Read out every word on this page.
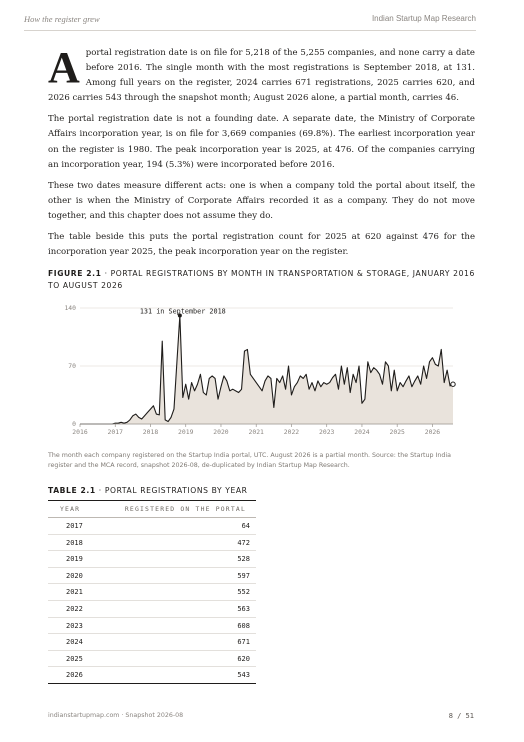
How the register grew	Indian Startup Map Research

A portal registration date is on file for 5,218 of the 5,255 companies, and none carry a date before 2016. The single month with the most registrations is September 2018, at 131. Among full years on the register, 2024 carries 671 registrations, 2025 carries 620, and 2026 carries 543 through the snapshot month; August 2026 alone, a partial month, carries 46.

The portal registration date is not a founding date. A separate date, the Ministry of Corporate Affairs incorporation year, is on file for 3,669 companies (69.8%). The earliest incorporation year on the register is 1980. The peak incorporation year is 2025, at 476. Of the companies carrying an incorporation year, 194 (5.3%) were incorporated before 2016.

These two dates measure different acts: one is when a company told the portal about itself, the other is when the Ministry of Corporate Affairs recorded it as a company. They do not move together, and this chapter does not assume they do.

The table beside this puts the portal registration count for 2025 at 620 against 476 for the incorporation year 2025, the peak incorporation year on the register.

FIGURE 2.1 · PORTAL REGISTRATIONS BY MONTH IN TRANSPORTATION & STORAGE, JANUARY 2016 TO AUGUST 2026
0
70
140
2016	2017	2018	2019	2020	2021	2022	2023	2024	2025	2026
131 in September 2018
The month each company registered on the Startup India portal, UTC. August 2026 is a partial month. Source: the Startup India register and the MCA record, snapshot 2026-08, de-duplicated by Indian Startup Map Research.
TABLE 2.1 · PORTAL REGISTRATIONS BY YEAR
YEAR	REGISTERED ON THE PORTAL
2017	64
2018	472
2019	528
2020	597
2021	552
2022	563
2023	608
2024	671
2025	620
2026	543
indianstartupmap.com · Snapshot 2026-08	8 / 51
